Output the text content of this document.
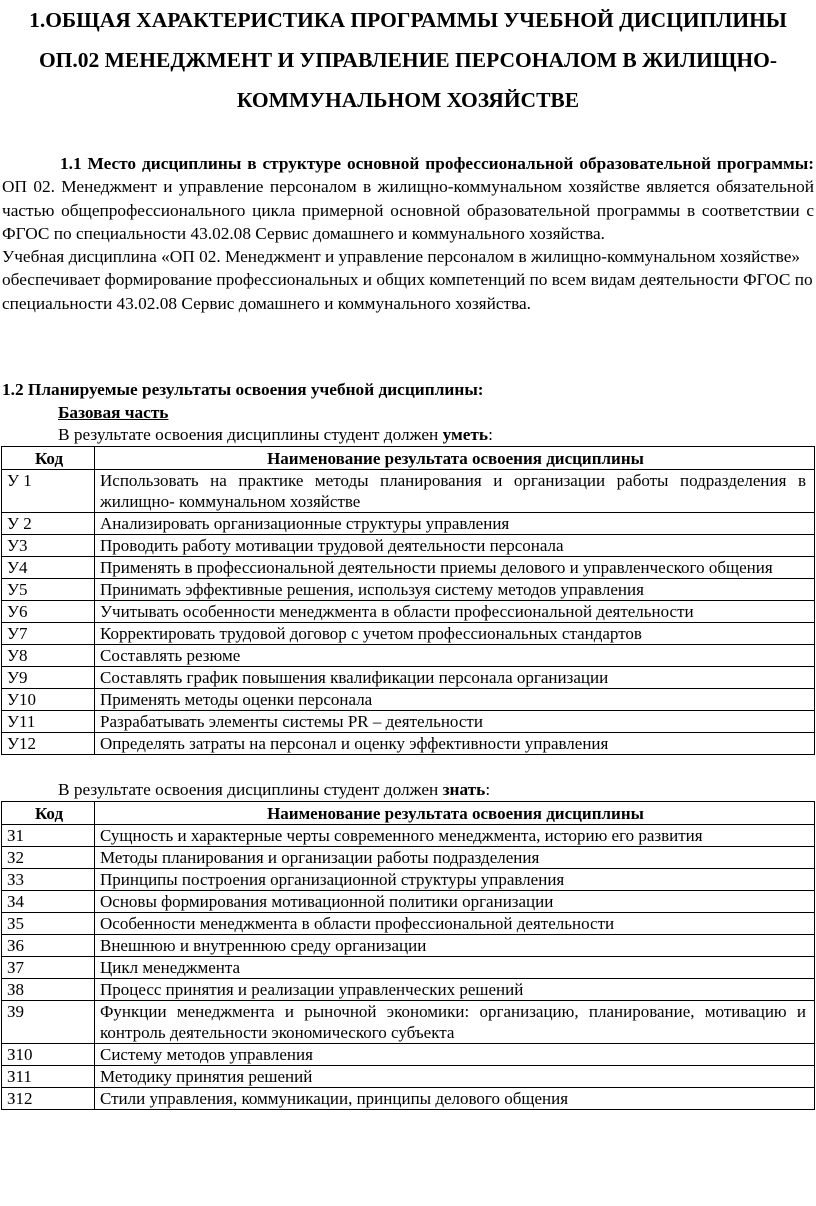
1.ОБЩАЯ ХАРАКТЕРИСТИКА ПРОГРАММЫ УЧЕБНОЙ ДИСЦИПЛИНЫ
ОП.02 МЕНЕДЖМЕНТ И УПРАВЛЕНИЕ ПЕРСОНАЛОМ В ЖИЛИЩНО-
КОММУНАЛЬНОМ ХОЗЯЙСТВЕ

1.1 Место дисциплины в структуре основной профессиональной образовательной программы: ОП 02. Менеджмент и управление персоналом в жилищно-коммунальном хозяйстве является обязательной частью общепрофессионального цикла примерной основной образовательной программы в соответствии с ФГОС по специальности 43.02.08 Сервис домашнего и коммунального хозяйства.

Учебная дисциплина «ОП 02. Менеджмент и управление персоналом в жилищно-коммунальном хозяйстве» обеспечивает формирование профессиональных и общих компетенций по всем видам деятельности ФГОС по специальности 43.02.08 Сервис домашнего и коммунального хозяйства.

1.2 Планируемые результаты освоения учебной дисциплины:

Базовая часть

В результате освоения дисциплины студент должен уметь:

Код	Наименование результата освоения дисциплины
У 1	Использовать на практике методы планирования и организации работы подразделения в жилищно- коммунальном хозяйстве
У 2	Анализировать организационные структуры управления
У3	Проводить работу мотивации трудовой деятельности персонала
У4	Применять в профессиональной деятельности приемы делового и управленческого общения
У5	Принимать эффективные решения, используя систему методов управления
У6	Учитывать особенности менеджмента в области профессиональной деятельности
У7	Корректировать трудовой договор с учетом профессиональных стандартов
У8	Составлять резюме
У9	Составлять график повышения квалификации персонала организации
У10	Применять методы оценки персонала
У11	Разрабатывать элементы системы PR – деятельности
У12	Определять затраты на персонал и оценку эффективности управления

В результате освоения дисциплины студент должен знать:

Код	Наименование результата освоения дисциплины
З1	Сущность и характерные черты современного менеджмента, историю его развития
З2	Методы планирования и организации работы подразделения
З3	Принципы построения организационной структуры управления
З4	Основы формирования мотивационной политики организации
З5	Особенности менеджмента в области профессиональной деятельности
З6	Внешнюю и внутреннюю среду организации
З7	Цикл менеджмента
З8	Процесс принятия и реализации управленческих решений
З9	Функции менеджмента и рыночной экономики: организацию, планирование, мотивацию и контроль деятельности экономического субъекта
З10	Систему методов управления
З11	Методику принятия решений
З12	Стили управления, коммуникации, принципы делового общения
